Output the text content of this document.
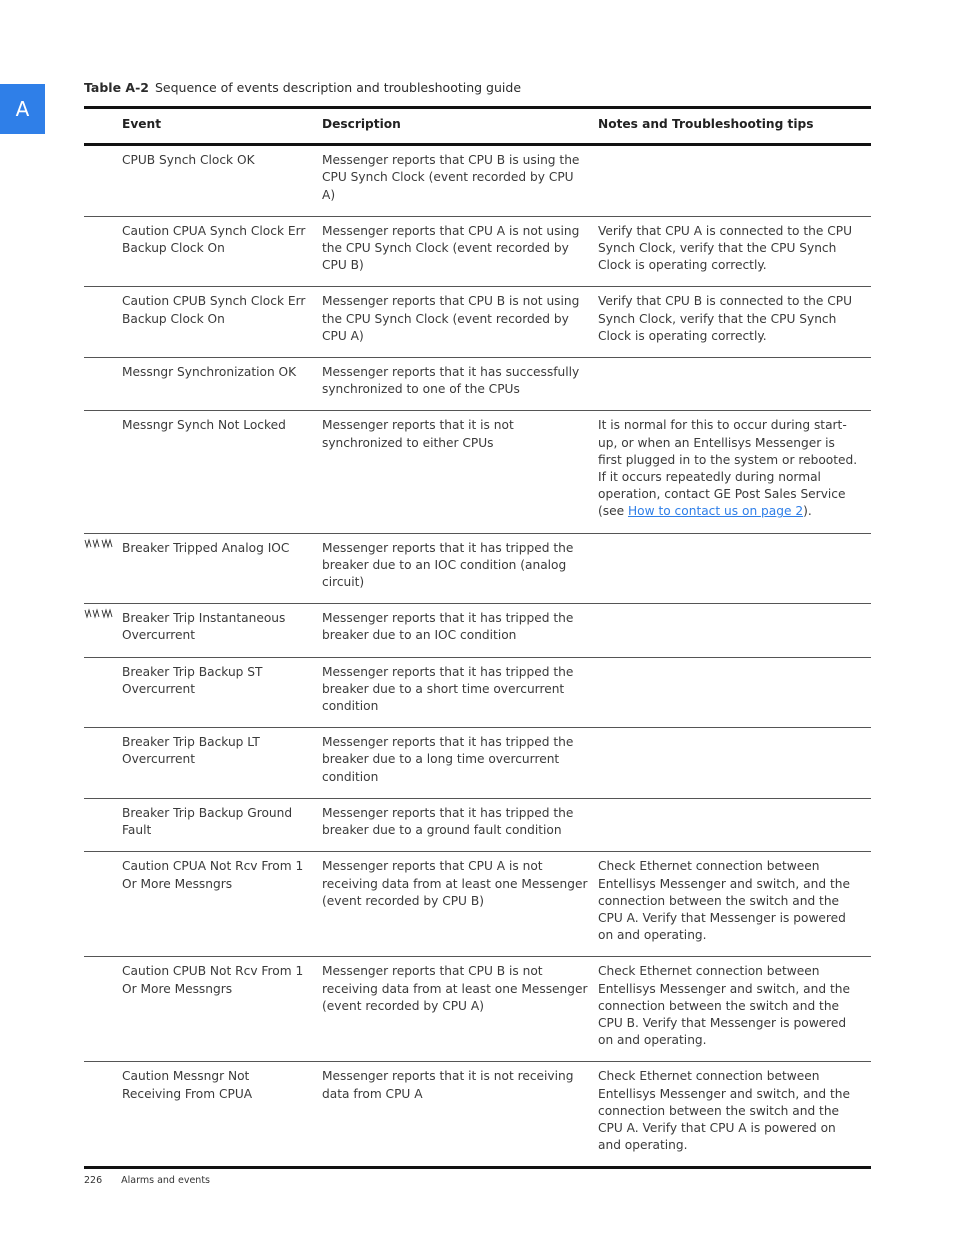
A
Table A-2 Sequence of events description and troubleshooting guide
	Event	Description	Notes and Troubleshooting tips
	CPUB Synch Clock OK	Messenger reports that CPU B is using the CPU Synch Clock (event recorded by CPU A)	
	Caution CPUA Synch Clock Err Backup Clock On	Messenger reports that CPU A is not using the CPU Synch Clock (event recorded by CPU B)	Verify that CPU A is connected to the CPU Synch Clock, verify that the CPU Synch Clock is operating correctly.
	Caution CPUB Synch Clock Err Backup Clock On	Messenger reports that CPU B is not using the CPU Synch Clock (event recorded by CPU A)	Verify that CPU B is connected to the CPU Synch Clock, verify that the CPU Synch Clock is operating correctly.
	Messngr Synchronization OK	Messenger reports that it has successfully synchronized to one of the CPUs	
	Messngr Synch Not Locked	Messenger reports that it is not synchronized to either CPUs	It is normal for this to occur during start-up, or when an Entellisys Messenger is first plugged in to the system or rebooted. If it occurs repeatedly during normal operation, contact GE Post Sales Service (see How to contact us on page 2).

	Breaker Tripped Analog IOC	Messenger reports that it has tripped the breaker due to an IOC condition (analog circuit)	

	Breaker Trip Instantaneous Overcurrent	Messenger reports that it has tripped the breaker due to an IOC condition	
	Breaker Trip Backup ST Overcurrent	Messenger reports that it has tripped the breaker due to a short time overcurrent condition	
	Breaker Trip Backup LT Overcurrent	Messenger reports that it has tripped the breaker due to a long time overcurrent condition	
	Breaker Trip Backup Ground Fault	Messenger reports that it has tripped the breaker due to a ground fault condition	
	Caution CPUA Not Rcv From 1 Or More Messngrs	Messenger reports that CPU A is not receiving data from at least one Messenger (event recorded by CPU B)	Check Ethernet connection between Entellisys Messenger and switch, and the connection between the switch and the CPU A. Verify that Messenger is powered on and operating.
	Caution CPUB Not Rcv From 1 Or More Messngrs	Messenger reports that CPU B is not receiving data from at least one Messenger (event recorded by CPU A)	Check Ethernet connection between Entellisys Messenger and switch, and the connection between the switch and the CPU B. Verify that Messenger is powered on and operating.
	Caution Messngr Not Receiving From CPUA	Messenger reports that it is not receiving data from CPU A	Check Ethernet connection between Entellisys Messenger and switch, and the connection between the switch and the CPU A. Verify that CPU A is powered on and operating.
226 Alarms and events
